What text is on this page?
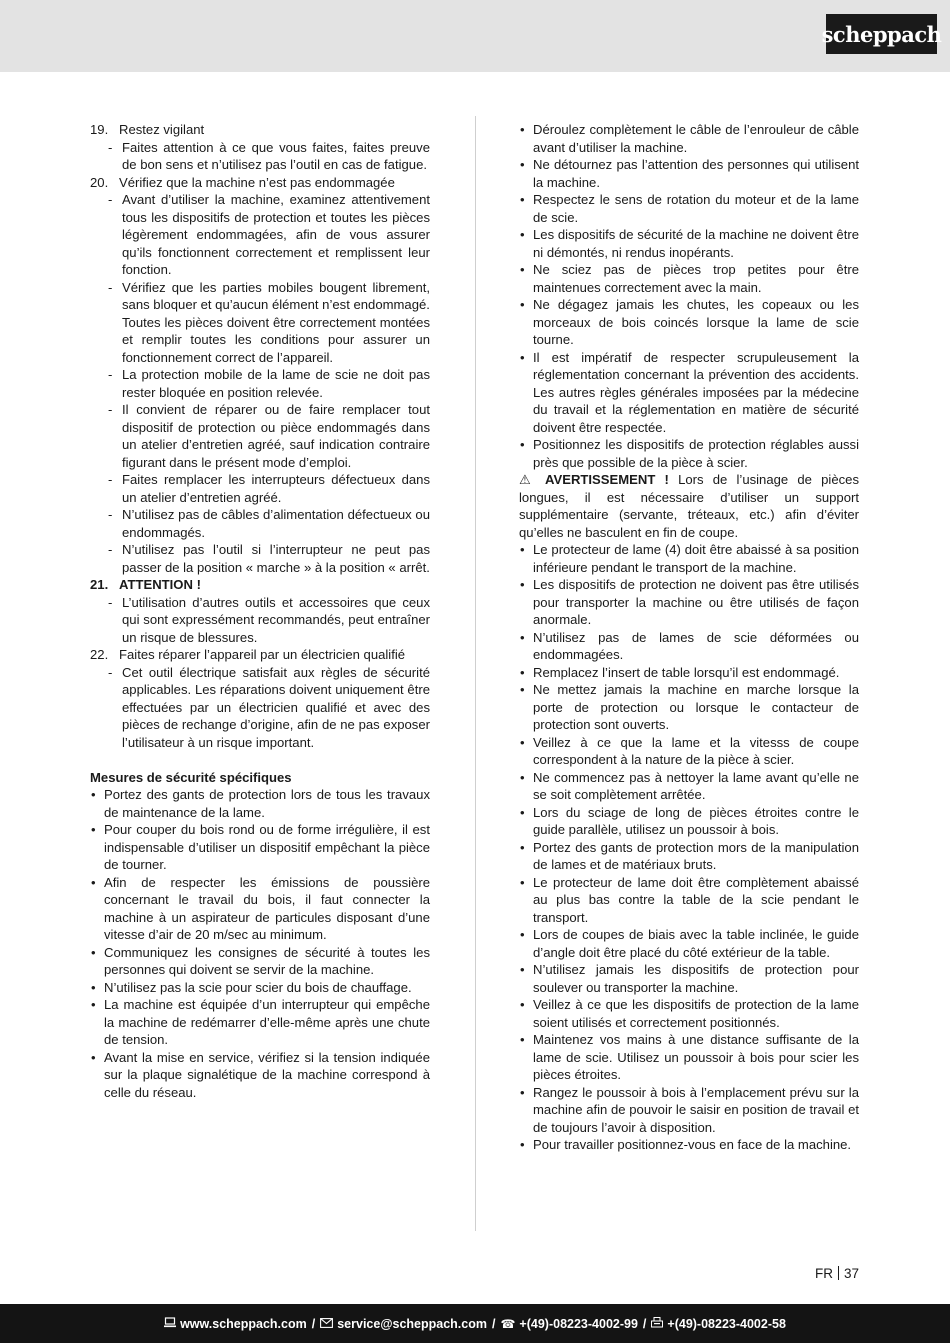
scheppach
19. Restez vigilant
- Faites attention à ce que vous faites, faites preuve de bon sens et n’utilisez pas l’outil en cas de fatigue.
20. Vérifiez que la machine n’est pas endommagée
- Avant d’utiliser la machine, examinez attentivement tous les dispositifs de protection et toutes les pièces légèrement endommagées, afin de vous assurer qu’ils fonctionnent correctement et remplissent leur fonction.
- Vérifiez que les parties mobiles bougent librement, sans bloquer et qu’aucun élément n’est endommagé.
Toutes les pièces doivent être correctement montées et remplir toutes les conditions pour assurer un fonctionnement correct de l’appareil.
- La protection mobile de la lame de scie ne doit pas rester bloquée en position relevée.
- Il convient de réparer ou de faire remplacer tout dispositif de protection ou pièce endommagés dans un atelier d’entretien agréé, sauf indication contraire figurant dans le présent mode d’emploi.
- Faites remplacer les interrupteurs défectueux dans un atelier d’entretien agréé.
- N’utilisez pas de câbles d’alimentation défectueux ou endommagés.
- N’utilisez pas l’outil si l’interrupteur ne peut pas passer de la position « marche » à la position « arrêt.
21. ATTENTION !
- L’utilisation d’autres outils et accessoires que ceux qui sont expressément recommandés, peut entraîner un risque de blessures.
22. Faites réparer l’appareil par un électricien qualifié
- Cet outil électrique satisfait aux règles de sécurité applicables. Les réparations doivent uniquement être effectuées par un électricien qualifié et avec des pièces de rechange d’origine, afin de ne pas exposer l’utilisateur à un risque important.
Mesures de sécurité spécifiques
• Portez des gants de protection lors de tous les travaux de maintenance de la lame.
• Pour couper du bois rond ou de forme irrégulière, il est indispensable d’utiliser un dispositif empêchant la pièce de tourner.
• Afin de respecter les émissions de poussière concernant le travail du bois, il faut connecter la machine à un aspirateur de particules disposant d’une vitesse d’air de 20 m/sec au minimum.
• Communiquez les consignes de sécurité à toutes les personnes qui doivent se servir de la machine.
• N’utilisez pas la scie pour scier du bois de chauffage.
• La machine est équipée d’un interrupteur qui empêche la machine de redémarrer d’elle-même après une chute de tension.
• Avant la mise en service, vérifiez si la tension indiquée sur la plaque signalétique de la machine correspond à celle du réseau.
• Déroulez complètement le câble de l’enrouleur de câble avant d’utiliser la machine.
• Ne détournez pas l’attention des personnes qui utilisent la machine.
• Respectez le sens de rotation du moteur et de la lame de scie.
• Les dispositifs de sécurité de la machine ne doivent être ni démontés, ni rendus inopérants.
• Ne sciez pas de pièces trop petites pour être maintenues correctement avec la main.
• Ne dégagez jamais les chutes, les copeaux ou les morceaux de bois coincés lorsque la lame de scie tourne.
• Il est impératif de respecter scrupuleusement la réglementation concernant la prévention des accidents. Les autres règles générales imposées par la médecine du travail et la réglementation en matière de sécurité doivent être respectée.
• Positionnez les dispositifs de protection réglables aussi près que possible de la pièce à scier.
⚠ AVERTISSEMENT ! Lors de l’usinage de pièces longues, il est nécessaire d’utiliser un support supplémentaire (servante, tréteaux, etc.) afin d’éviter qu’elles ne basculent en fin de coupe.
• Le protecteur de lame (4) doit être abaissé à sa position inférieure pendant le transport de la machine.
• Les dispositifs de protection ne doivent pas être utilisés pour transporter la machine ou être utilisés de façon anormale.
• N’utilisez pas de lames de scie déformées ou endommagées.
• Remplacez l’insert de table lorsqu’il est endommagé.
• Ne mettez jamais la machine en marche lorsque la porte de protection ou lorsque le contacteur de protection sont ouverts.
• Veillez à ce que la lame et la vitesss de coupe correspondent à la nature de la pièce à scier.
• Ne commencez pas à nettoyer la lame avant qu’elle ne se soit complètement arrêtée.
• Lors du sciage de long de pièces étroites contre le guide parallèle, utilisez un poussoir à bois.
• Portez des gants de protection mors de la manipulation de lames et de matériaux bruts.
• Le protecteur de lame doit être complètement abaissé au plus bas contre la table de la scie pendant le transport.
• Lors de coupes de biais avec la table inclinée, le guide d’angle doit être placé du côté extérieur de la table.
• N’utilisez jamais les dispositifs de protection pour soulever ou transporter la machine.
• Veillez à ce que les dispositifs de protection de la lame soient utilisés et correctement positionnés.
• Maintenez vos mains à une distance suffisante de la lame de scie. Utilisez un poussoir à bois pour scier les pièces étroites.
• Rangez le poussoir à bois à l’emplacement prévu sur la machine afin de pouvoir le saisir en position de travail et de toujours l’avoir à disposition.
• Pour travailler positionnez-vous en face de la machine.
FR 37
www.scheppach.com / service@scheppach.com / ☎ +(49)-08223-4002-99 / +(49)-08223-4002-58
